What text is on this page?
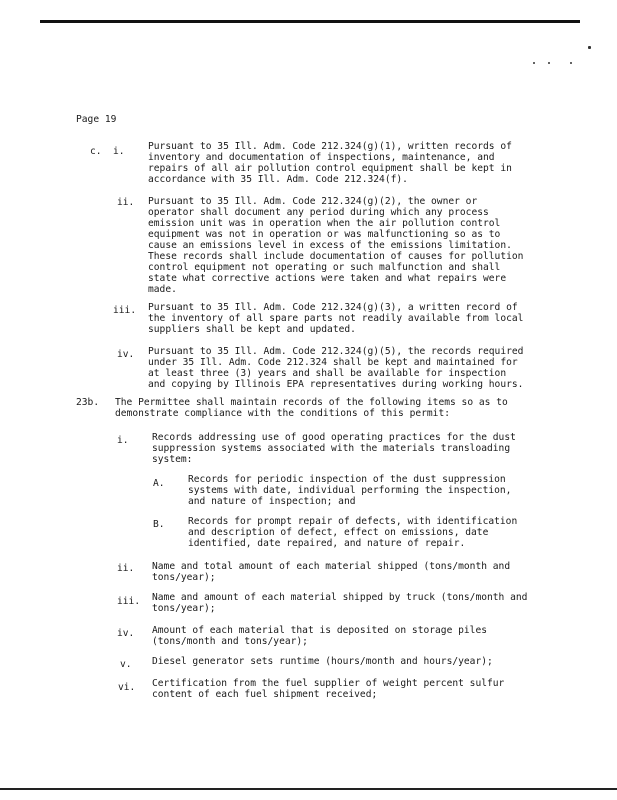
Page 19
c. i. Pursuant to 35 Ill. Adm. Code 212.324(g)(1), written records of
inventory and documentation of inspections, maintenance, and
repairs of all air pollution control equipment shall be kept in
accordance with 35 Ill. Adm. Code 212.324(f).
ii. Pursuant to 35 Ill. Adm. Code 212.324(g)(2), the owner or
operator shall document any period during which any process
emission unit was in operation when the air pollution control
equipment was not in operation or was malfunctioning so as to
cause an emissions level in excess of the emissions limitation.
These records shall include documentation of causes for pollution
control equipment not operating or such malfunction and shall
state what corrective actions were taken and what repairs were
made.
iii. Pursuant to 35 Ill. Adm. Code 212.324(g)(3), a written record of
the inventory of all spare parts not readily available from local
suppliers shall be kept and updated.
iv. Pursuant to 35 Ill. Adm. Code 212.324(g)(5), the records required
under 35 Ill. Adm. Code 212.324 shall be kept and maintained for
at least three (3) years and shall be available for inspection
and copying by Illinois EPA representatives during working hours.
23b. The Permittee shall maintain records of the following items so as to
demonstrate compliance with the conditions of this permit:
i. Records addressing use of good operating practices for the dust
suppression systems associated with the materials transloading
system:
A. Records for periodic inspection of the dust suppression
systems with date, individual performing the inspection,
and nature of inspection; and
B. Records for prompt repair of defects, with identification
and description of defect, effect on emissions, date
identified, date repaired, and nature of repair.
ii. Name and total amount of each material shipped (tons/month and
tons/year);
iii. Name and amount of each material shipped by truck (tons/month and
tons/year);
iv. Amount of each material that is deposited on storage piles
(tons/month and tons/year);
v. Diesel generator sets runtime (hours/month and hours/year);
vi. Certification from the fuel supplier of weight percent sulfur
content of each fuel shipment received;
